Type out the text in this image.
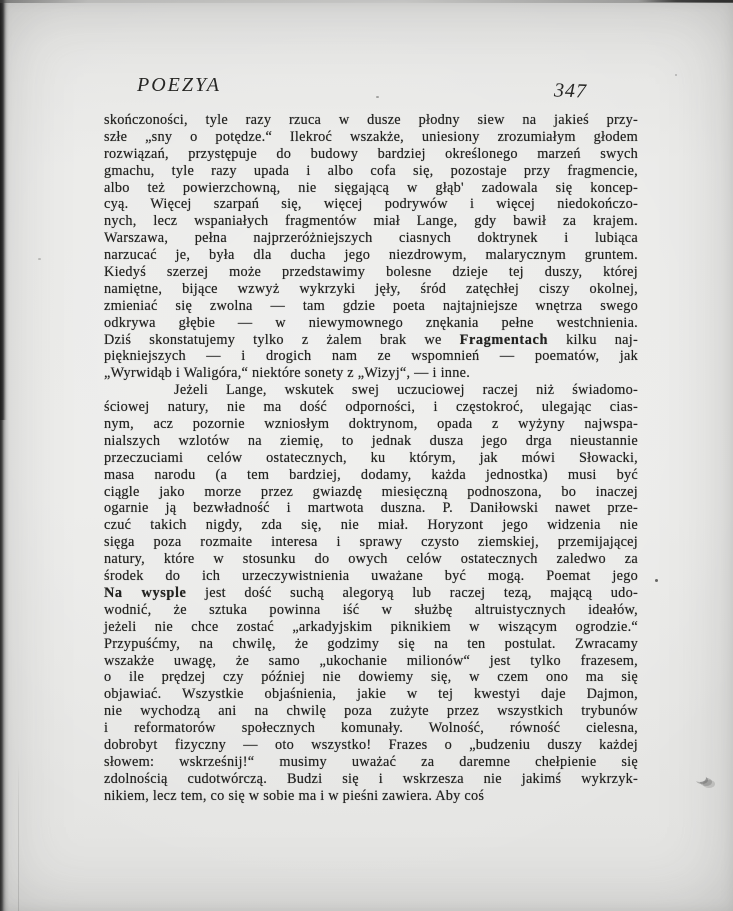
POEZYA	347
skończoności, tyle razy rzuca w dusze płodny siew na jakieś przy-
szłe „sny o potędze.“ Ilekroć wszakże, uniesiony zrozumiałym głodem
rozwiązań, przystępuje do budowy bardziej określonego marzeń swych
gmachu, tyle razy upada i albo cofa się, pozostaje przy fragmencie,
albo też powierzchowną, nie sięgającą w głąb' zadowala się koncep-
cyą. Więcej szarpań się, więcej podrywów i więcej niedokończo-
nych, lecz wspaniałych fragmentów miał Lange, gdy bawił za krajem.
Warszawa, pełna najprzeróżniejszych ciasnych doktrynek i lubiąca
narzucać je, była dla ducha jego niezdrowym, malarycznym gruntem.
Kiedyś szerzej może przedstawimy bolesne dzieje tej duszy, której
namiętne, bijące wzwyż wykrzyki jęły, śród zatęchłej ciszy okolnej,
zmieniać się zwolna — tam gdzie poeta najtajniejsze wnętrza swego
odkrywa głębie — w niewymownego znękania pełne westchnienia.
Dziś skonstatujemy tylko z żalem brak we Fragmentach kilku naj-
piękniejszych — i drogich nam ze wspomnień — poematów, jak
„Wyrwidąb i Waligóra,“ niektóre sonety z „Wizyj“, — i inne.
Jeżeli Lange, wskutek swej uczuciowej raczej niż świadomo-
ściowej natury, nie ma dość odporności, i częstokroć, ulegając cias-
nym, acz pozornie wzniosłym doktrynom, opada z wyżyny najwspa-
nialszych wzlotów na ziemię, to jednak dusza jego drga nieustannie
przeczuciami celów ostatecznych, ku którym, jak mówi Słowacki,
masa narodu (a tem bardziej, dodamy, każda jednostka) musi być
ciągle jako morze przez gwiazdę miesięczną podnoszona, bo inaczej
ogarnie ją bezwładność i martwota duszna. P. Daniłowski nawet prze-
czuć takich nigdy, zda się, nie miał. Horyzont jego widzenia nie
sięga poza rozmaite interesa i sprawy czysto ziemskiej, przemijającej
natury, które w stosunku do owych celów ostatecznych zaledwo za
środek do ich urzeczywistnienia uważane być mogą. Poemat jego
Na wysple jest dość suchą alegoryą lub raczej tezą, mającą udo-
wodnić, że sztuka powinna iść w służbę altruistycznych ideałów,
jeżeli nie chce zostać „arkadyjskim piknikiem w wiszącym ogrodzie.“
Przypuśćmy, na chwilę, że godzimy się na ten postulat. Zwracamy
wszakże uwagę, że samo „ukochanie milionów“ jest tylko frazesem,
o ile prędzej czy później nie dowiemy się, w czem ono ma się
objawiać. Wszystkie objaśnienia, jakie w tej kwestyi daje Dajmon,
nie wychodzą ani na chwilę poza zużyte przez wszystkich trybunów
i reformatorów społecznych komunały. Wolność, równość cielesna,
dobrobyt fizyczny — oto wszystko! Frazes o „budzeniu duszy każdej
słowem: wskrześnij!“ musimy uważać za daremne chełpienie się
zdolnością cudotwórczą. Budzi się i wskrzesza nie jakimś wykrzyk-
nikiem, lecz tem, co się w sobie ma i w pieśni zawiera. Aby coś
